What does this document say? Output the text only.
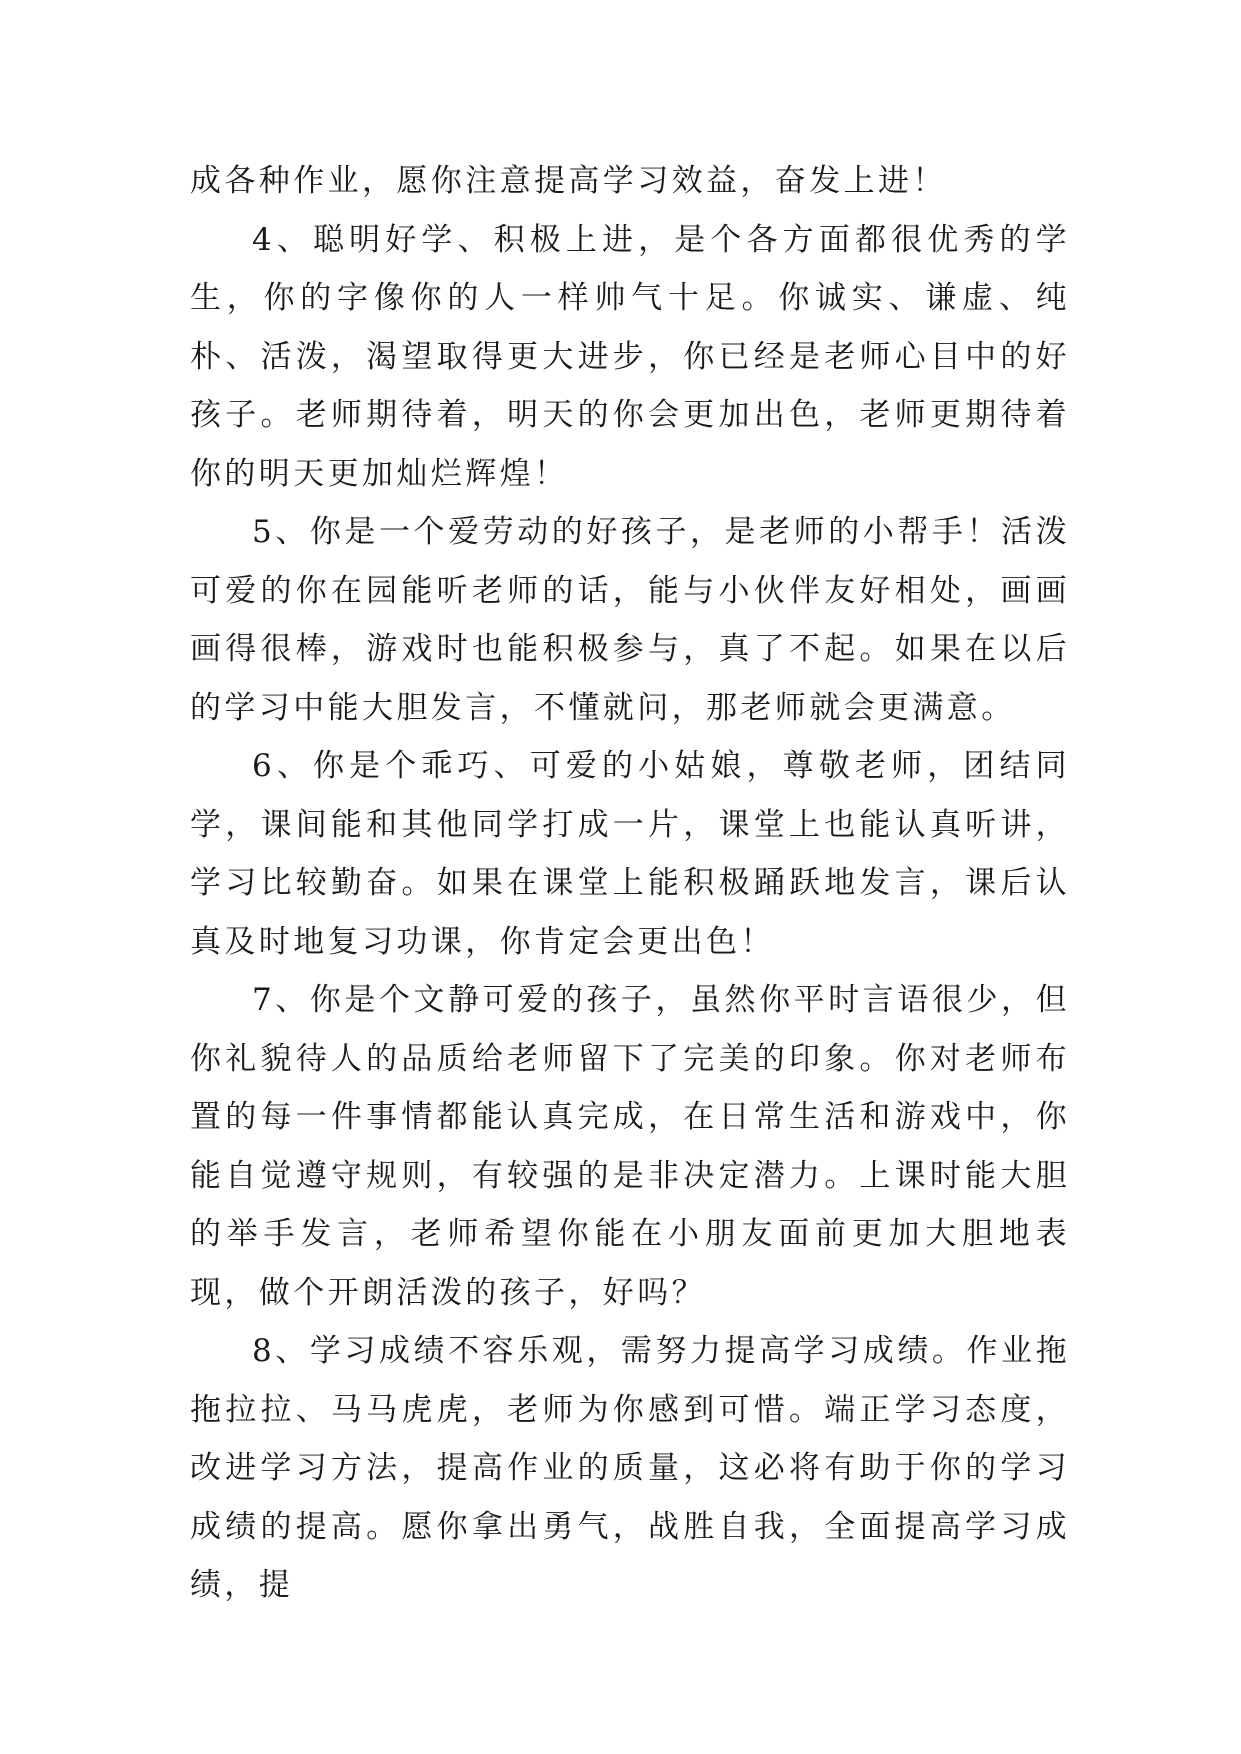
成各种作业，愿你注意提高学习效益，奋发上进！

4、聪明好学、积极上进，是个各方面都很优秀的学生，你的字像你的人一样帅气十足。你诚实、谦虚、纯朴、活泼，渴望取得更大进步，你已经是老师心目中的好孩子。老师期待着，明天的你会更加出色，老师更期待着你的明天更加灿烂辉煌！

5、你是一个爱劳动的好孩子，是老师的小帮手！活泼可爱的你在园能听老师的话，能与小伙伴友好相处，画画画得很棒，游戏时也能积极参与，真了不起。如果在以后的学习中能大胆发言，不懂就问，那老师就会更满意。

6、你是个乖巧、可爱的小姑娘，尊敬老师，团结同学，课间能和其他同学打成一片，课堂上也能认真听讲，学习比较勤奋。如果在课堂上能积极踊跃地发言，课后认真及时地复习功课，你肯定会更出色！

7、你是个文静可爱的孩子，虽然你平时言语很少，但你礼貌待人的品质给老师留下了完美的印象。你对老师布置的每一件事情都能认真完成，在日常生活和游戏中，你能自觉遵守规则，有较强的是非决定潜力。上课时能大胆的举手发言，老师希望你能在小朋友面前更加大胆地表现，做个开朗活泼的孩子，好吗？

8、学习成绩不容乐观，需努力提高学习成绩。作业拖拖拉拉、马马虎虎，老师为你感到可惜。端正学习态度，改进学习方法，提高作业的质量，这必将有助于你的学习成绩的提高。愿你拿出勇气，战胜自我，全面提高学习成绩，提
